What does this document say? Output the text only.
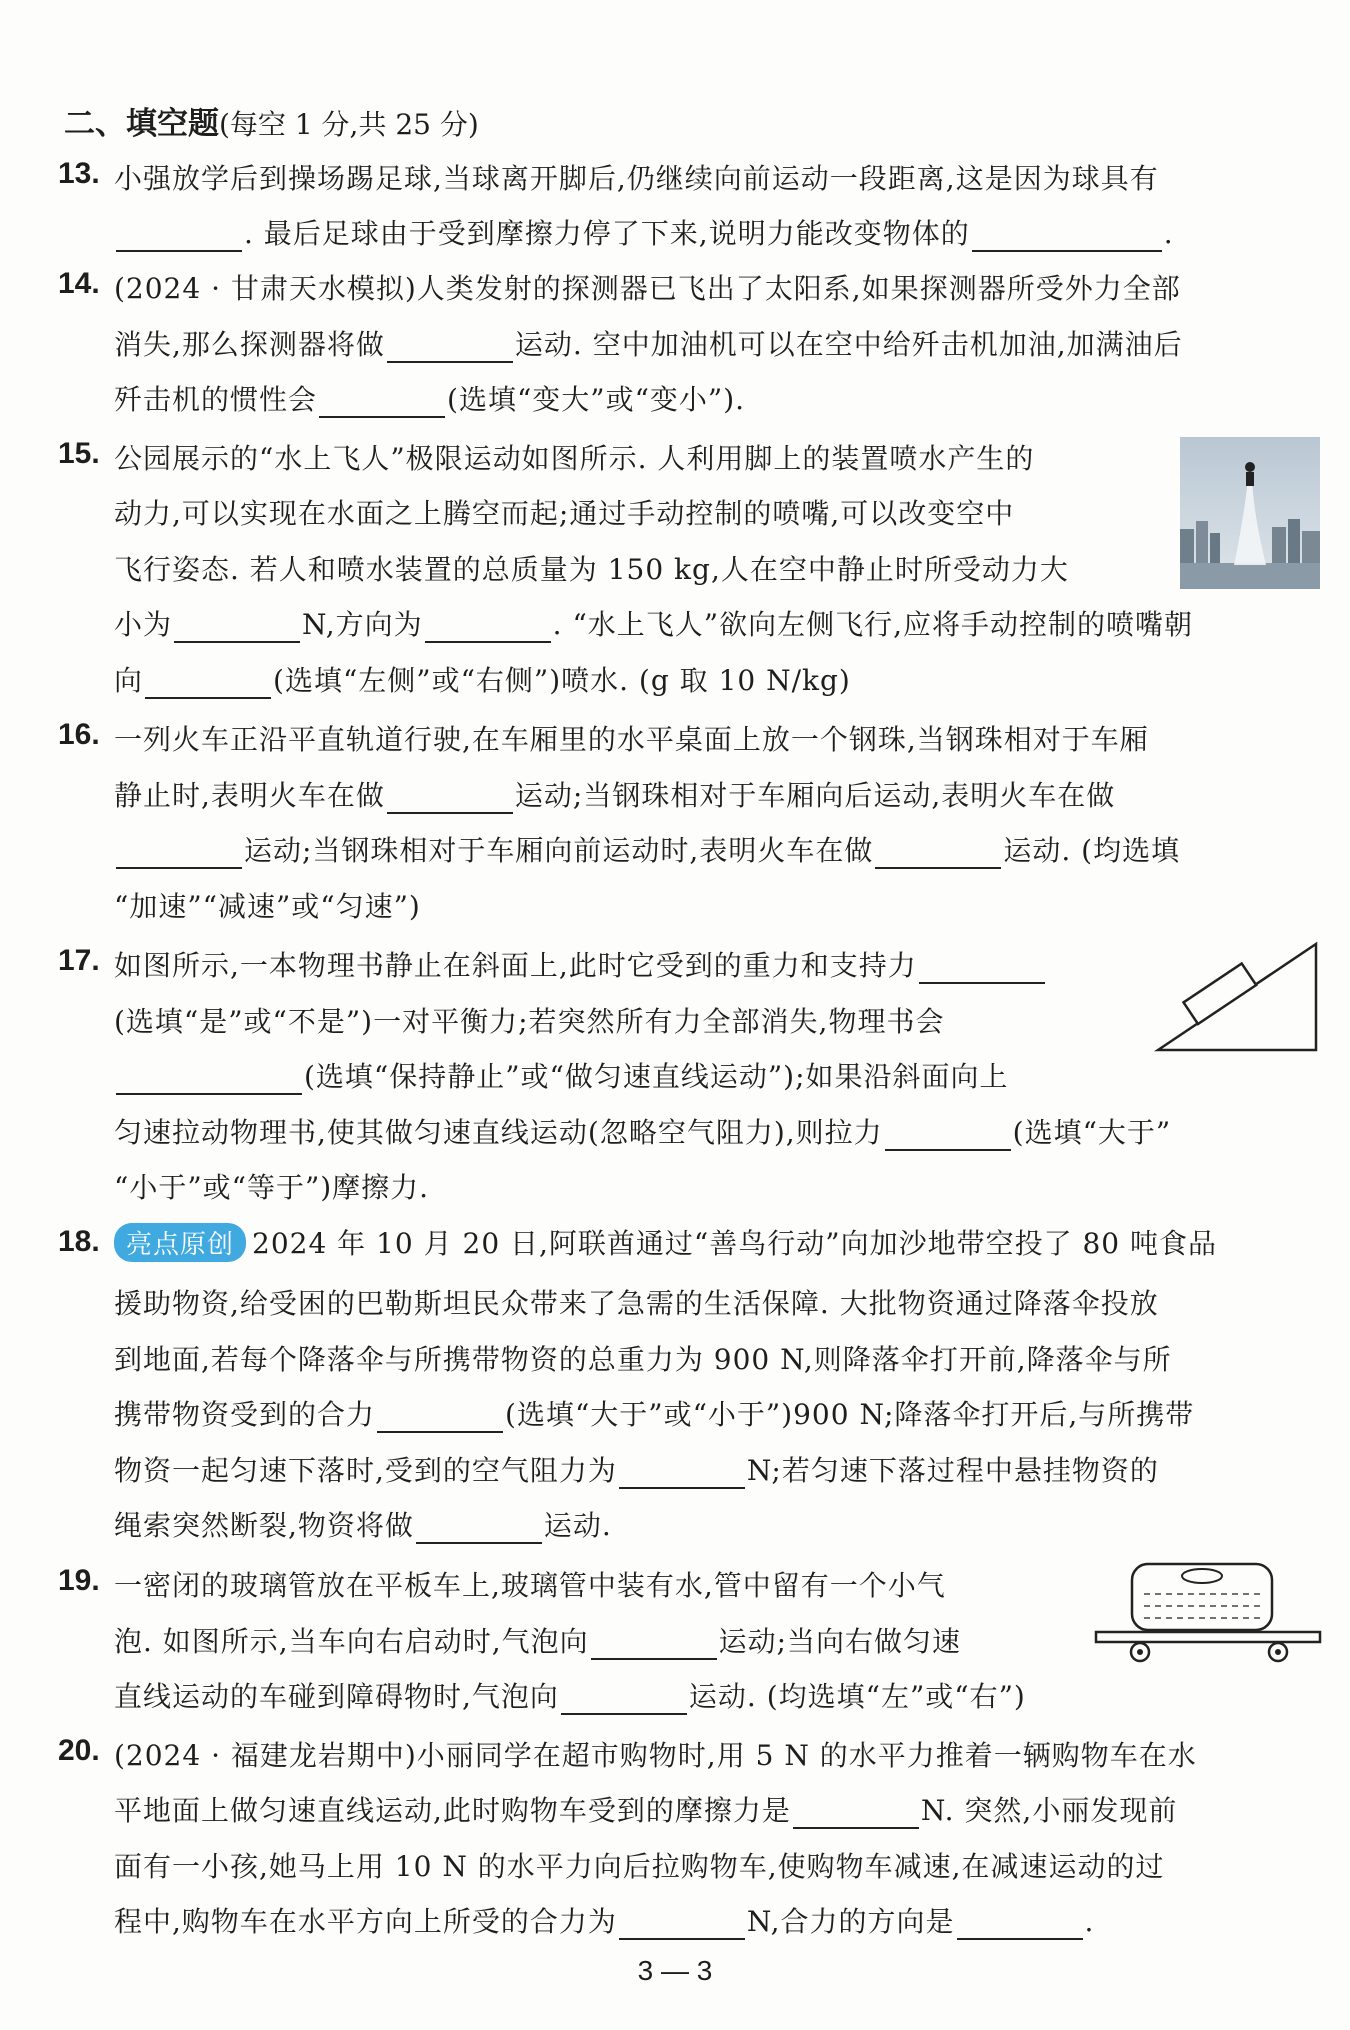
二、填空题(每空 1 分,共 25 分)
13. 小强放学后到操场踢足球,当球离开脚后,仍继续向前运动一段距离,这是因为球具有
. 最后足球由于受到摩擦力停了下来,说明力能改变物体的	.
14. (2024 · 甘肃天水模拟)人类发射的探测器已飞出了太阳系,如果探测器所受外力全部
消失,那么探测器将做	运动. 空中加油机可以在空中给歼击机加油,加满油后
歼击机的惯性会	(选填“变大”或“变小”).
15. 公园展示的“水上飞人”极限运动如图所示. 人利用脚上的装置喷水产生的
动力,可以实现在水面之上腾空而起;通过手动控制的喷嘴,可以改变空中
飞行姿态. 若人和喷水装置的总质量为 150 kg,人在空中静止时所受动力大
小为	N,方向为	. “水上飞人”欲向左侧飞行,应将手动控制的喷嘴朝
向	(选填“左侧”或“右侧”)喷水. (g 取 10 N/kg)
16. 一列火车正沿平直轨道行驶,在车厢里的水平桌面上放一个钢珠,当钢珠相对于车厢
静止时,表明火车在做	运动;当钢珠相对于车厢向后运动,表明火车在做
运动;当钢珠相对于车厢向前运动时,表明火车在做	运动. (均选填
“加速”“减速”或“匀速”)
17. 如图所示,一本物理书静止在斜面上,此时它受到的重力和支持力
(选填“是”或“不是”)一对平衡力;若突然所有力全部消失,物理书会
(选填“保持静止”或“做匀速直线运动”);如果沿斜面向上
匀速拉动物理书,使其做匀速直线运动(忽略空气阻力),则拉力	(选填“大于”
“小于”或“等于”)摩擦力.
18.	亮点原创 2024 年 10 月 20 日,阿联酋通过“善鸟行动”向加沙地带空投了 80 吨食品
援助物资,给受困的巴勒斯坦民众带来了急需的生活保障. 大批物资通过降落伞投放
到地面,若每个降落伞与所携带物资的总重力为 900 N,则降落伞打开前,降落伞与所
携带物资受到的合力	(选填“大于”或“小于”)900 N;降落伞打开后,与所携带
物资一起匀速下落时,受到的空气阻力为	N;若匀速下落过程中悬挂物资的
绳索突然断裂,物资将做	运动.
19. 一密闭的玻璃管放在平板车上,玻璃管中装有水,管中留有一个小气
泡. 如图所示,当车向右启动时,气泡向	运动;当向右做匀速
直线运动的车碰到障碍物时,气泡向	运动. (均选填“左”或“右”)
20. (2024 · 福建龙岩期中)小丽同学在超市购物时,用 5 N 的水平力推着一辆购物车在水
平地面上做匀速直线运动,此时购物车受到的摩擦力是	N. 突然,小丽发现前
面有一小孩,她马上用 10 N 的水平力向后拉购物车,使购物车减速,在减速运动的过
程中,购物车在水平方向上所受的合力为	N,合力的方向是	.
3 — 3
